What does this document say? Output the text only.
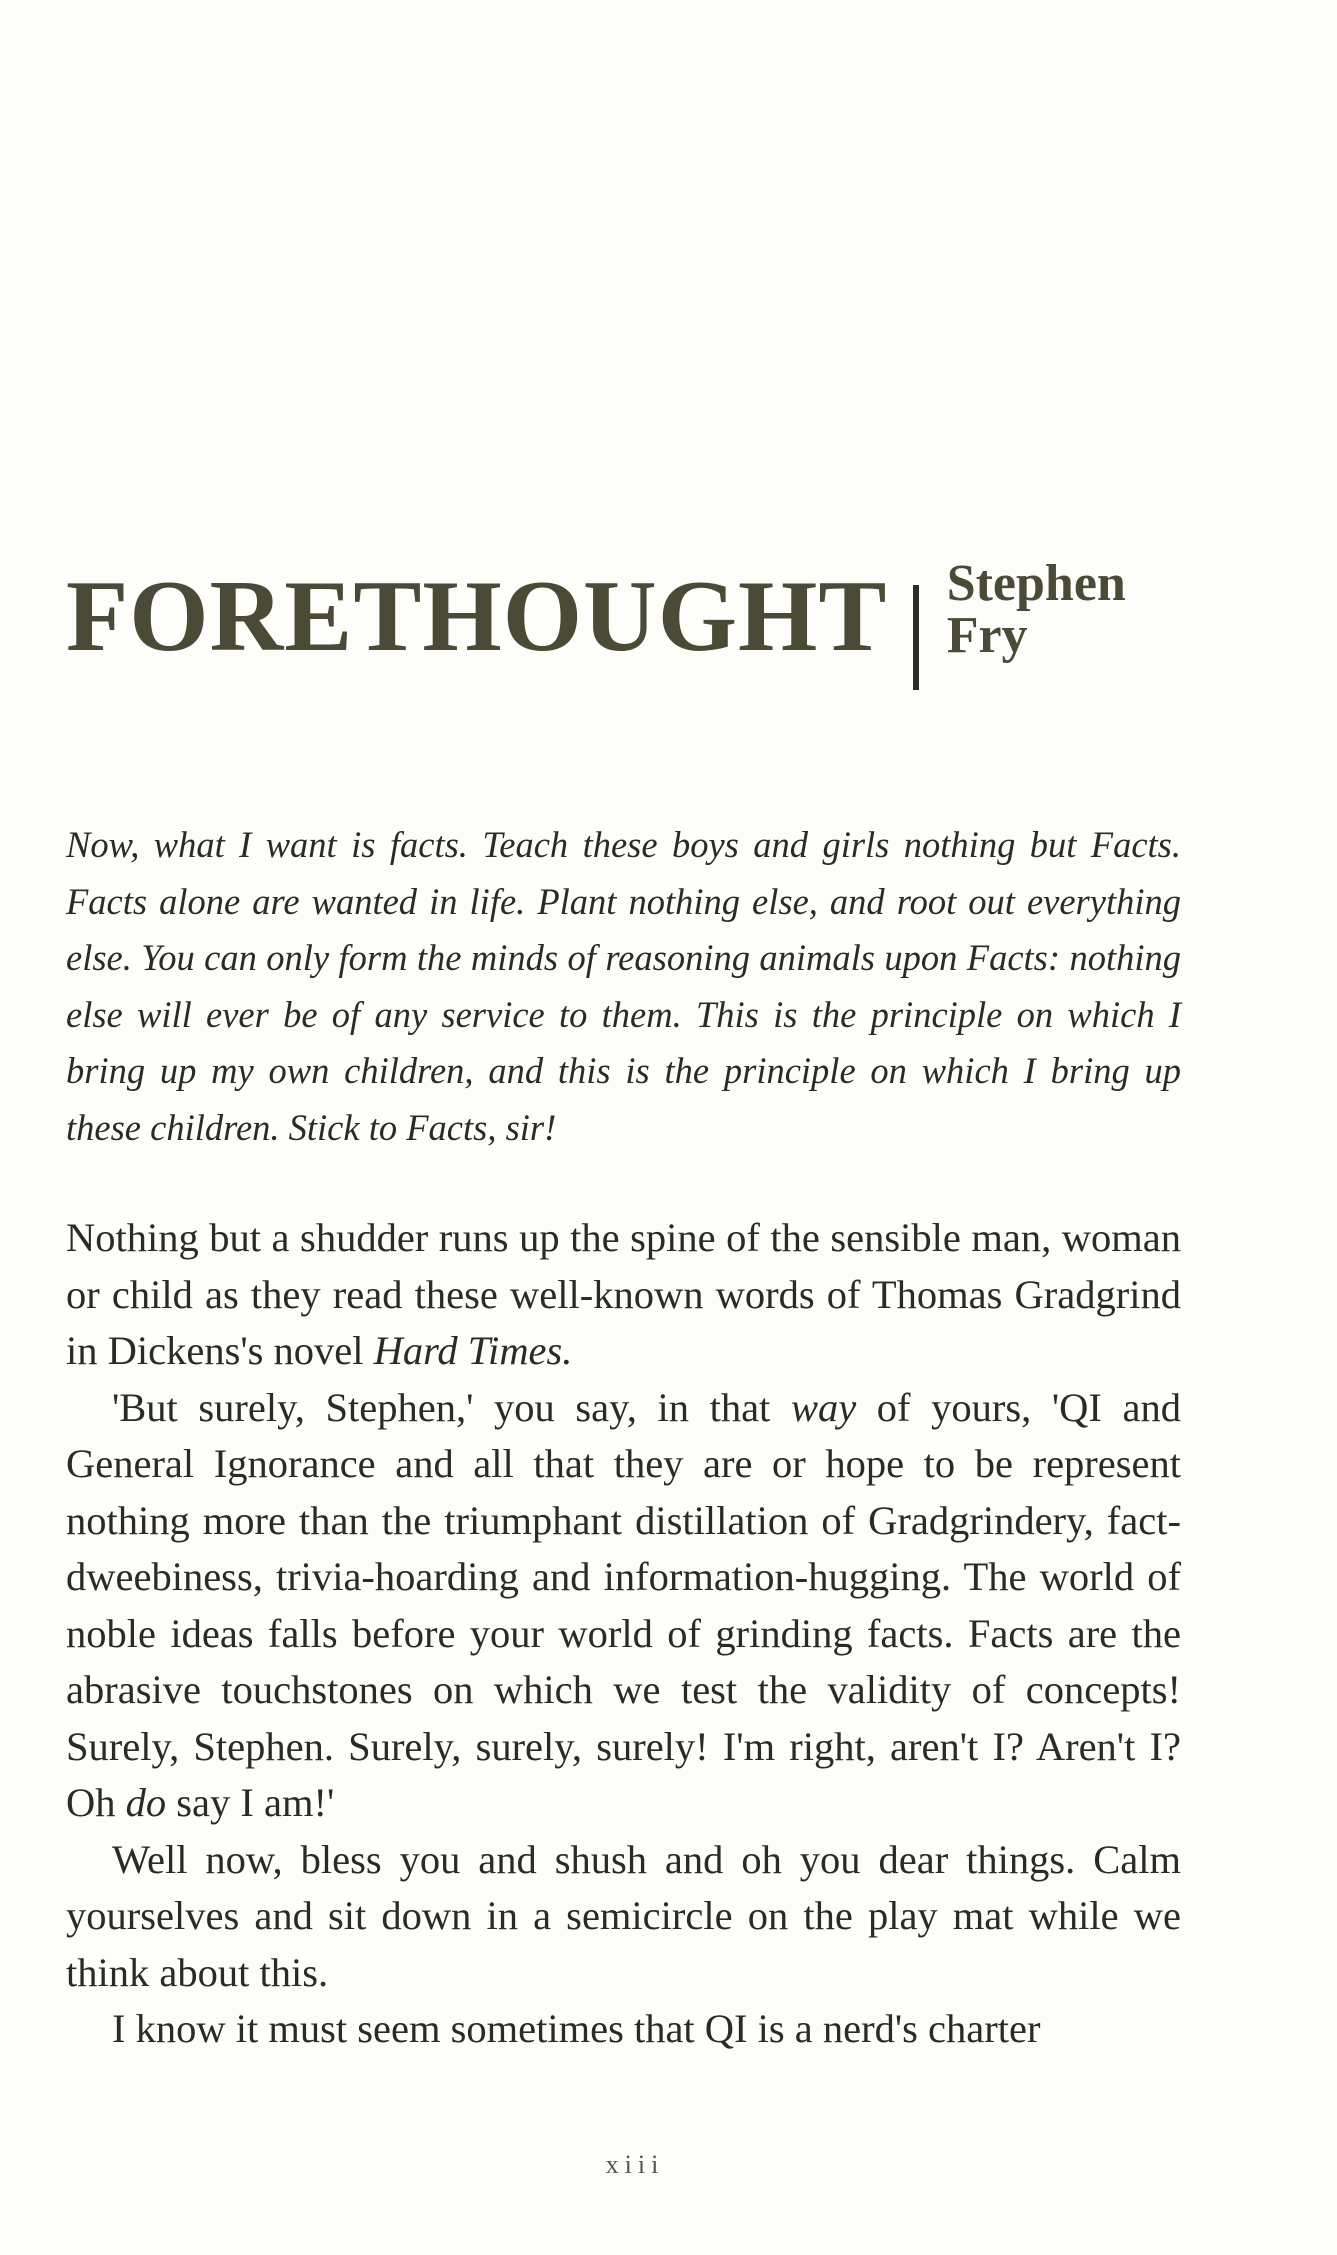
FORETHOUGHT Stephen Fry

Now, what I want is facts. Teach these boys and girls nothing but Facts. Facts alone are wanted in life. Plant nothing else, and root out everything else. You can only form the minds of reasoning animals upon Facts: nothing else will ever be of any service to them. This is the principle on which I bring up my own children, and this is the principle on which I bring up these children. Stick to Facts, sir!

Nothing but a shudder runs up the spine of the sensible man, woman or child as they read these well-known words of Thomas Gradgrind in Dickens's novel Hard Times.

'But surely, Stephen,' you say, in that way of yours, 'QI and General Ignorance and all that they are or hope to be represent nothing more than the triumphant distillation of Gradgrindery, fact-dweebiness, trivia-hoarding and information-hugging. The world of noble ideas falls before your world of grinding facts. Facts are the abrasive touchstones on which we test the validity of concepts! Surely, Stephen. Surely, surely, surely! I'm right, aren't I? Aren't I? Oh do say I am!'

Well now, bless you and shush and oh you dear things. Calm yourselves and sit down in a semicircle on the play mat while we think about this.

I know it must seem sometimes that QI is a nerd's charter

xiii
